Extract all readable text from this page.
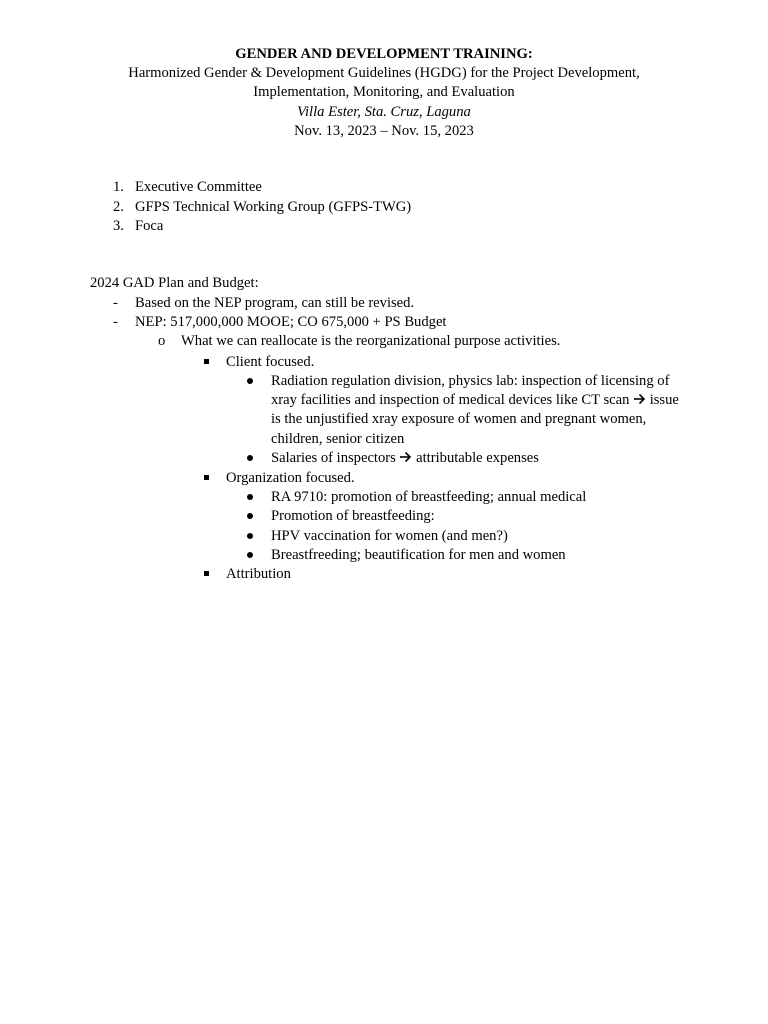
GENDER AND DEVELOPMENT TRAINING:
Harmonized Gender & Development Guidelines (HGDG) for the Project Development,
Implementation, Monitoring, and Evaluation
Villa Ester, Sta. Cruz, Laguna
Nov. 13, 2023 – Nov. 15, 2023
1. Executive Committee
2. GFPS Technical Working Group (GFPS-TWG)
3. Foca
2024 GAD Plan and Budget:
- Based on the NEP program, can still be revised.
- NEP: 517,000,000 MOOE; CO 675,000 + PS Budget
o What we can reallocate is the reorganizational purpose activities.
Client focused.
Radiation regulation division, physics lab: inspection of licensing of xray facilities and inspection of medical devices like CT scan issue is the unjustified xray exposure of women and pregnant women, children, senior citizen
Salaries of inspectors attributable expenses
Organization focused.
RA 9710: promotion of breastfeeding; annual medical
Promotion of breastfeeding:
HPV vaccination for women (and men?)
Breastfreeding; beautification for men and women
Attribution
